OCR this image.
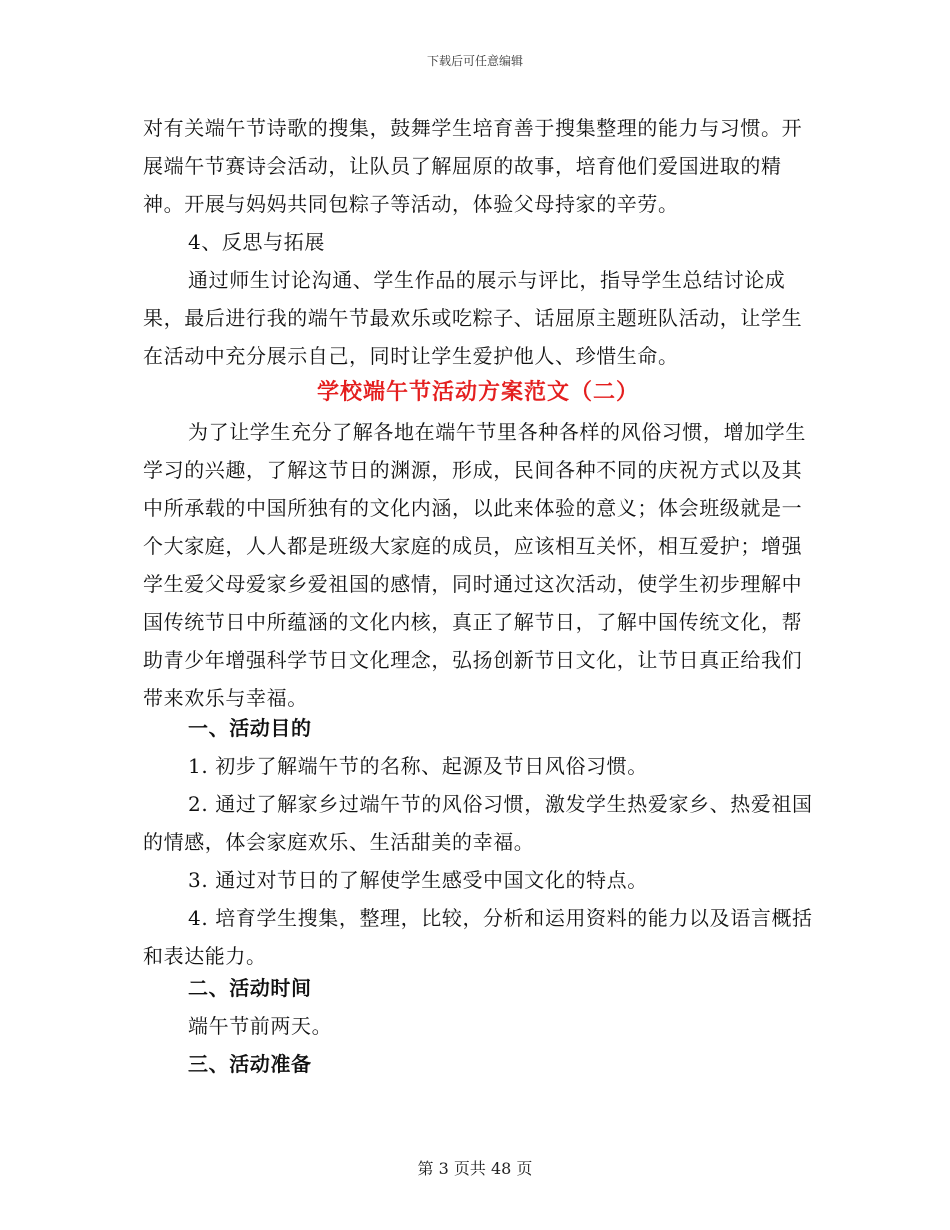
下载后可任意编辑

对有关端午节诗歌的搜集，鼓舞学生培育善于搜集整理的能力与习惯。开展端午节赛诗会活动，让队员了解屈原的故事，培育他们爱国进取的精神。开展与妈妈共同包粽子等活动，体验父母持家的辛劳。

4、反思与拓展

通过师生讨论沟通、学生作品的展示与评比，指导学生总结讨论成果，最后进行我的端午节最欢乐或吃粽子、话屈原主题班队活动，让学生在活动中充分展示自己，同时让学生爱护他人、珍惜生命。

学校端午节活动方案范文（二）

为了让学生充分了解各地在端午节里各种各样的风俗习惯，增加学生学习的兴趣，了解这节日的渊源，形成，民间各种不同的庆祝方式以及其中所承载的中国所独有的文化内涵，以此来体验的意义；体会班级就是一个大家庭，人人都是班级大家庭的成员，应该相互关怀，相互爱护；增强学生爱父母爱家乡爱祖国的感情，同时通过这次活动，使学生初步理解中国传统节日中所蕴涵的文化内核，真正了解节日，了解中国传统文化，帮助青少年增强科学节日文化理念，弘扬创新节日文化，让节日真正给我们带来欢乐与幸福。

一、活动目的

1. 初步了解端午节的名称、起源及节日风俗习惯。

2. 通过了解家乡过端午节的风俗习惯，激发学生热爱家乡、热爱祖国的情感，体会家庭欢乐、生活甜美的幸福。

3. 通过对节日的了解使学生感受中国文化的特点。

4. 培育学生搜集，整理，比较，分析和运用资料的能力以及语言概括和表达能力。

二、活动时间

端午节前两天。

三、活动准备

第 3 页共 48 页
